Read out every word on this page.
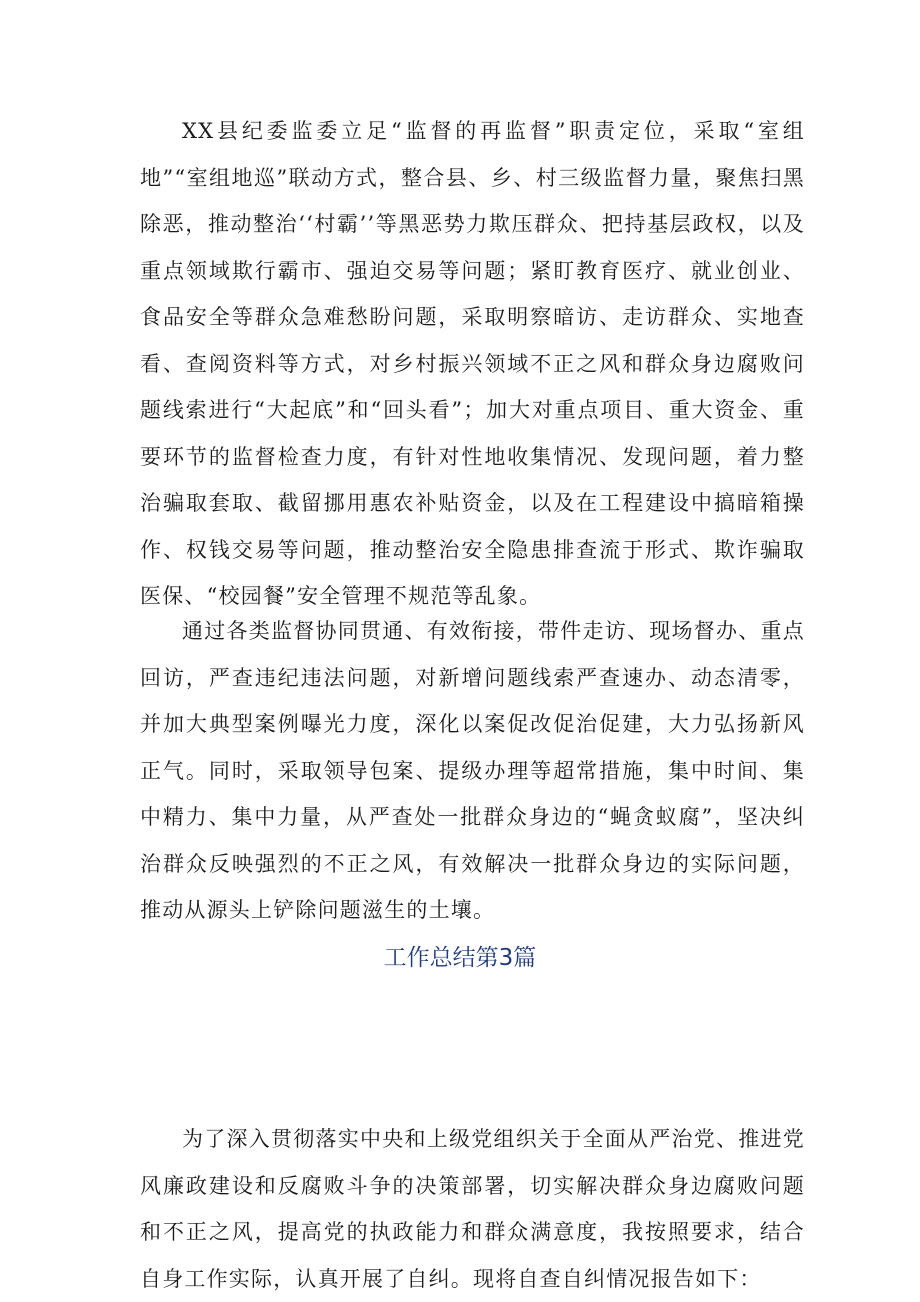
XX县纪委监委立足“监督的再监督”职责定位，采取“室组地”“室组地巡”联动方式，整合县、乡、村三级监督力量，聚焦扫黑除恶，推动整治‘‘村霸’’等黑恶势力欺压群众、把持基层政权，以及重点领域欺行霸市、强迫交易等问题；紧盯教育医疗、就业创业、食品安全等群众急难愁盼问题，采取明察暗访、走访群众、实地查看、查阅资料等方式，对乡村振兴领域不正之风和群众身边腐败问题线索进行“大起底”和“回头看”；加大对重点项目、重大资金、重要环节的监督检查力度，有针对性地收集情况、发现问题，着力整治骗取套取、截留挪用惠农补贴资金，以及在工程建设中搞暗箱操作、权钱交易等问题，推动整治安全隐患排查流于形式、欺诈骗取医保、“校园餐”安全管理不规范等乱象。

通过各类监督协同贯通、有效衔接，带件走访、现场督办、重点回访，严查违纪违法问题，对新增问题线索严查速办、动态清零，并加大典型案例曝光力度，深化以案促改促治促建，大力弘扬新风正气。同时，采取领导包案、提级办理等超常措施，集中时间、集中精力、集中力量，从严查处一批群众身边的“蝇贪蚁腐”，坚决纠治群众反映强烈的不正之风，有效解决一批群众身边的实际问题，推动从源头上铲除问题滋生的土壤。

工作总结第3篇

为了深入贯彻落实中央和上级党组织关于全面从严治党、推进党风廉政建设和反腐败斗争的决策部署，切实解决群众身边腐败问题和不正之风，提高党的执政能力和群众满意度，我按照要求，结合自身工作实际，认真开展了自纠。现将自查自纠情况报告如下：
